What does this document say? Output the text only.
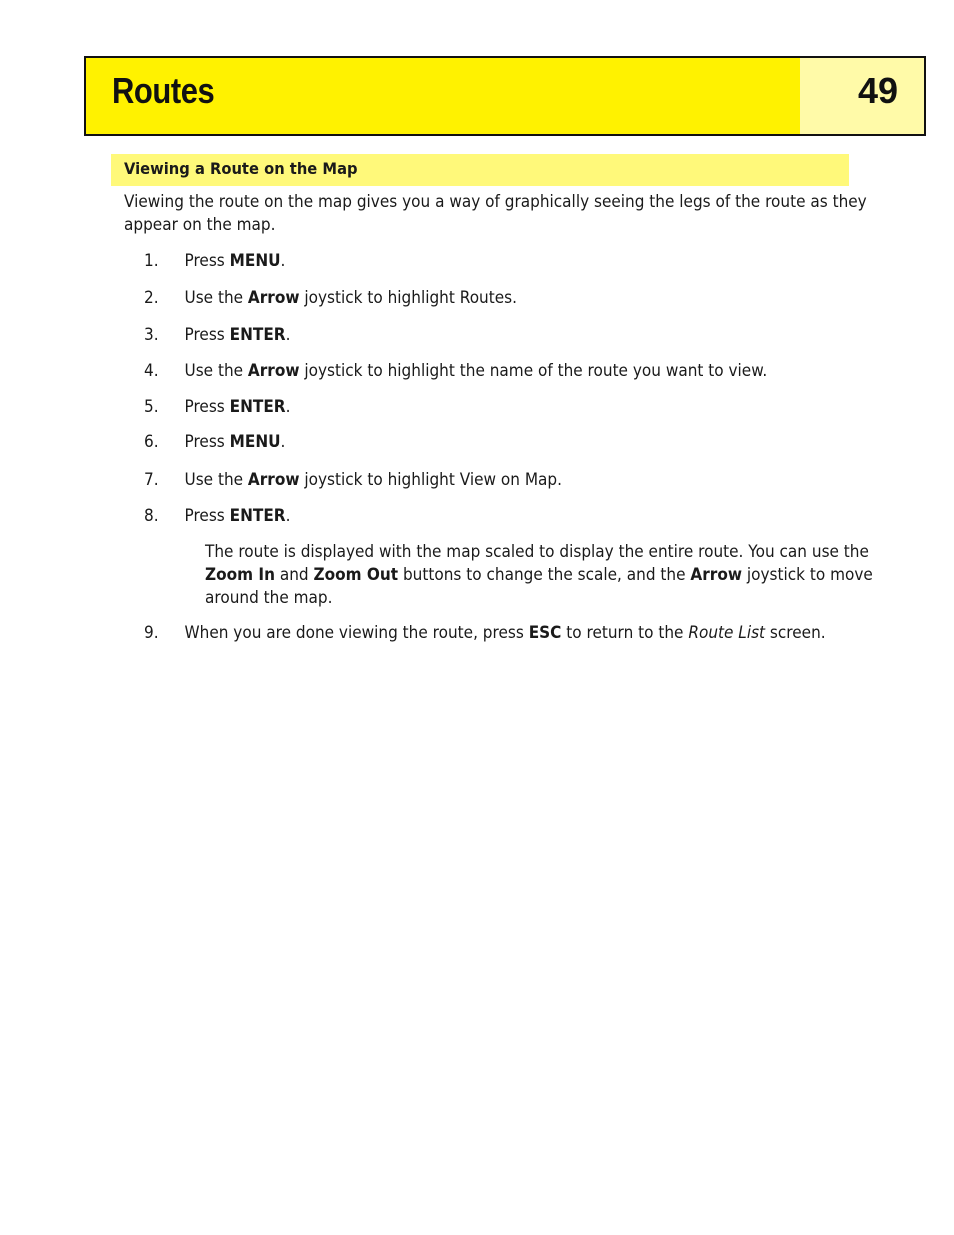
Routes	49
Viewing a Route on the Map
Viewing the route on the map gives you a way of graphically seeing the legs of the route as they appear on the map.
1. Press MENU.
2. Use the Arrow joystick to highlight Routes.
3. Press ENTER.
4. Use the Arrow joystick to highlight the name of the route you want to view.
5. Press ENTER.
6. Press MENU.
7. Use the Arrow joystick to highlight View on Map.
8. Press ENTER.
The route is displayed with the map scaled to display the entire route. You can use the Zoom In and Zoom Out buttons to change the scale, and the Arrow joystick to move around the map.
9. When you are done viewing the route, press ESC to return to the Route List screen.
